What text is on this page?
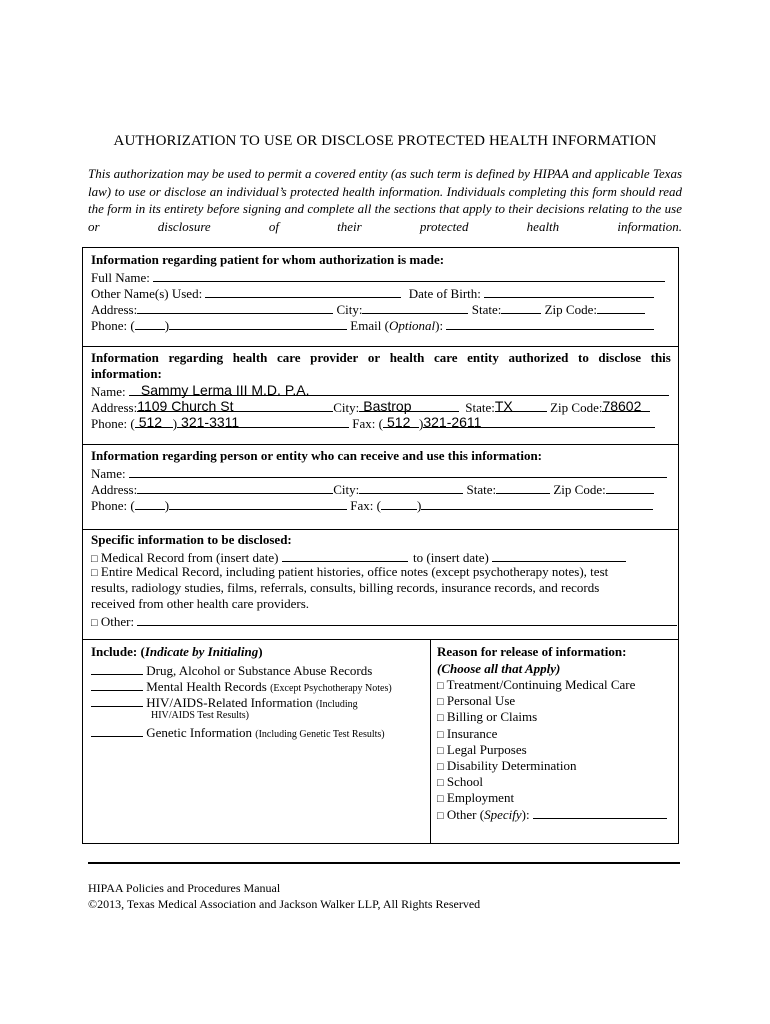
AUTHORIZATION TO USE OR DISCLOSE PROTECTED HEALTH INFORMATION
This authorization may be used to permit a covered entity (as such term is defined by HIPAA and applicable Texas law) to use or disclose an individual’s protected health information. Individuals completing this form should read the form in its entirety before signing and complete all the sections that apply to their decisions relating to the use or disclosure of their protected health information.
Information regarding patient for whom authorization is made:
Full Name:
Other Name(s) Used:	Date of Birth:
Address:	City:	State:	Zip Code:
Phone: ( )	Email (Optional):
Information regarding health care provider or health care entity authorized to disclose this
information:
Name: Sammy Lerma III M.D. P.A.
Address: 1109 Church St	City: Bastrop	State: TX	Zip Code: 78602
Phone: ( 512 ) 321-3311	Fax: ( 512 ) 321-2611
Information regarding person or entity who can receive and use this information:
Name:
Address:	City:	State:	Zip Code:
Phone: ( )	Fax: (	)
Specific information to be disclosed:
□ Medical Record from (insert date)	to (insert date)
□ Entire Medical Record, including patient histories, office notes (except psychotherapy notes), test
results, radiology studies, films, referrals, consults, billing records, insurance records, and records
received from other health care providers.
□ Other:
Include: (Indicate by Initialing)
Drug, Alcohol or Substance Abuse Records
Mental Health Records (Except Psychotherapy Notes)
HIV/AIDS-Related Information (Including
HIV/AIDS Test Results)
Genetic Information (Including Genetic Test Results)
Reason for release of information:
(Choose all that Apply)
□ Treatment/Continuing Medical Care
□ Personal Use
□ Billing or Claims
□ Insurance
□ Legal Purposes
□ Disability Determination
□ School
□ Employment
□ Other (Specify):
HIPAA Policies and Procedures Manual
©2013, Texas Medical Association and Jackson Walker LLP, All Rights Reserved
